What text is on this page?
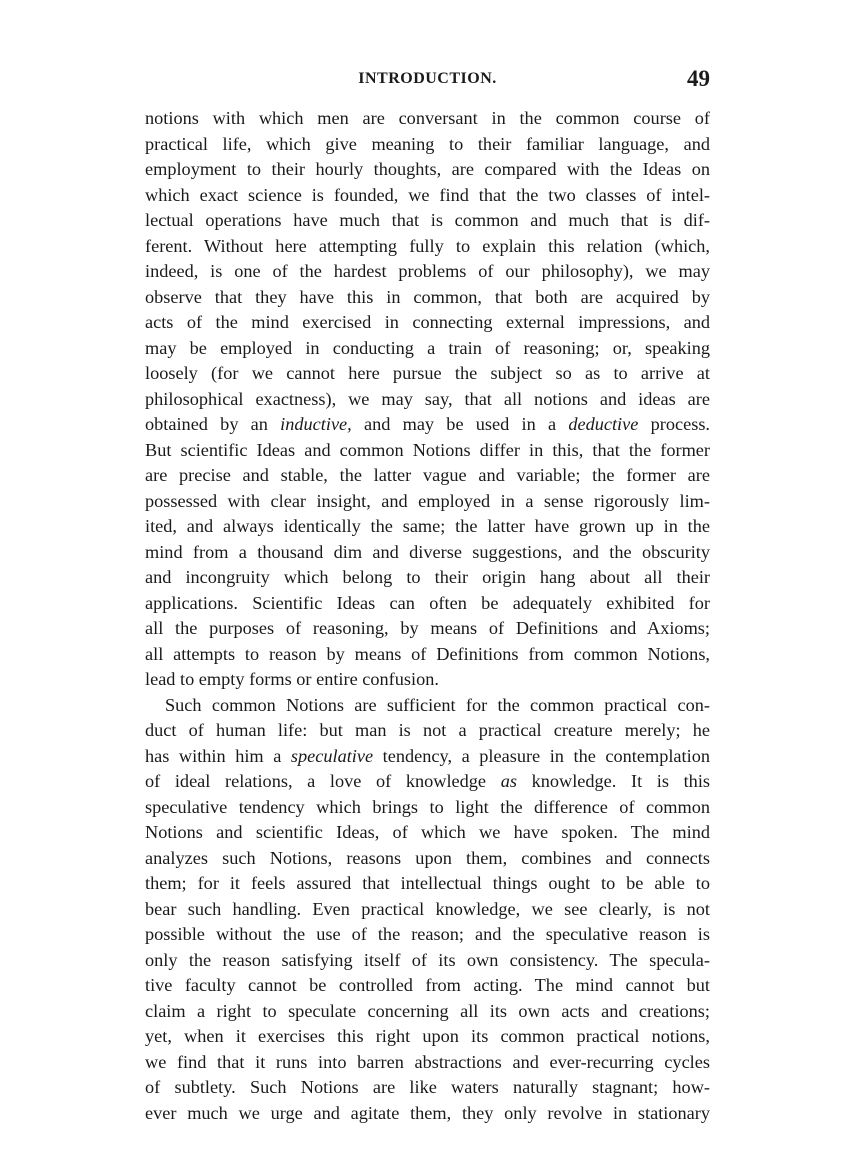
INTRODUCTION.	49
notions with which men are conversant in the common course of
practical life, which give meaning to their familiar language, and
employment to their hourly thoughts, are compared with the Ideas on
which exact science is founded, we find that the two classes of intel-
lectual operations have much that is common and much that is dif-
ferent. Without here attempting fully to explain this relation (which,
indeed, is one of the hardest problems of our philosophy), we may
observe that they have this in common, that both are acquired by
acts of the mind exercised in connecting external impressions, and
may be employed in conducting a train of reasoning; or, speaking
loosely (for we cannot here pursue the subject so as to arrive at
philosophical exactness), we may say, that all notions and ideas are
obtained by an inductive, and may be used in a deductive process.
But scientific Ideas and common Notions differ in this, that the former
are precise and stable, the latter vague and variable; the former are
possessed with clear insight, and employed in a sense rigorously lim-
ited, and always identically the same; the latter have grown up in the
mind from a thousand dim and diverse suggestions, and the obscurity
and incongruity which belong to their origin hang about all their
applications. Scientific Ideas can often be adequately exhibited for
all the purposes of reasoning, by means of Definitions and Axioms;
all attempts to reason by means of Definitions from common Notions,
lead to empty forms or entire confusion.
Such common Notions are sufficient for the common practical con-
duct of human life: but man is not a practical creature merely; he
has within him a speculative tendency, a pleasure in the contemplation
of ideal relations, a love of knowledge as knowledge. It is this
speculative tendency which brings to light the difference of common
Notions and scientific Ideas, of which we have spoken. The mind
analyzes such Notions, reasons upon them, combines and connects
them; for it feels assured that intellectual things ought to be able to
bear such handling. Even practical knowledge, we see clearly, is not
possible without the use of the reason; and the speculative reason is
only the reason satisfying itself of its own consistency. The specula-
tive faculty cannot be controlled from acting. The mind cannot but
claim a right to speculate concerning all its own acts and creations;
yet, when it exercises this right upon its common practical notions,
we find that it runs into barren abstractions and ever-recurring cycles
of subtlety. Such Notions are like waters naturally stagnant; how-
ever much we urge and agitate them, they only revolve in stationary
